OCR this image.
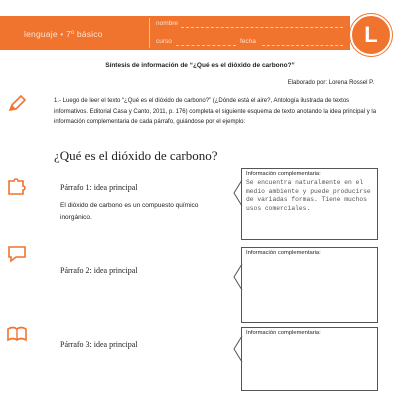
lenguaje • 7º básico
nombre
curso	fecha	L
Síntesis de información de “¿Qué es el dióxido de carbono?”
Elaborado por: Lorena Rossel P.
1.- Luego de leer el texto “¿Qué es el dióxido de carbono?” (¿Dónde está el aire?, Antología ilustrada de textos informativos. Editorial Casa y Canto, 2011, p. 176) completa el siguiente esquema de texto anotando la idea principal y la información complementaria de cada párrafo, guiándose por el ejemplo:
¿Qué es el dióxido de carbono?
Párrafo 1: idea principal
El dióxido de carbono es un compuesto químico inorgánico.
Información complementaria:
Se encuentra naturalmente en el medio ambiente y puede producirse de variadas formas. Tiene muchos usos comerciales.
Párrafo 2: idea principal
Información complementaria:
Párrafo 3: idea principal
Información complementaria:
